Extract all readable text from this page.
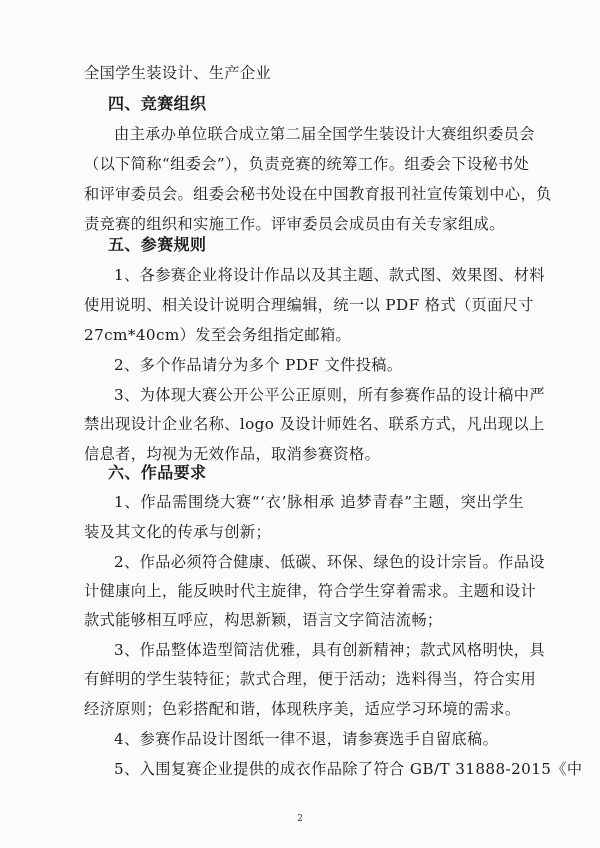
全国学生装设计、生产企业
四、竞赛组织
由主承办单位联合成立第二届全国学生装设计大赛组织委员会
（以下简称“组委会”），负责竞赛的统筹工作。组委会下设秘书处
和评审委员会。组委会秘书处设在中国教育报刊社宣传策划中心，负
责竞赛的组织和实施工作。评审委员会成员由有关专家组成。
五、参赛规则
1、各参赛企业将设计作品以及其主题、款式图、效果图、材料
使用说明、相关设计说明合理编辑，统一以 PDF 格式（页面尺寸
27cm*40cm）发至会务组指定邮箱。
2、多个作品请分为多个 PDF 文件投稿。
3、为体现大赛公开公平公正原则，所有参赛作品的设计稿中严
禁出现设计企业名称、logo 及设计师姓名、联系方式，凡出现以上
信息者，均视为无效作品，取消参赛资格。
六、作品要求
1、作品需围绕大赛“‘衣’脉相承 追梦青春”主题，突出学生
装及其文化的传承与创新；
2、作品必须符合健康、低碳、环保、绿色的设计宗旨。作品设
计健康向上，能反映时代主旋律，符合学生穿着需求。主题和设计
款式能够相互呼应，构思新颖，语言文字简洁流畅；
3、作品整体造型简洁优雅，具有创新精神；款式风格明快，具
有鲜明的学生装特征；款式合理，便于活动；选料得当，符合实用
经济原则；色彩搭配和谐，体现秩序美，适应学习环境的需求。
4、参赛作品设计图纸一律不退，请参赛选手自留底稿。
5、入围复赛企业提供的成衣作品除了符合 GB/T 31888-2015《中
2
